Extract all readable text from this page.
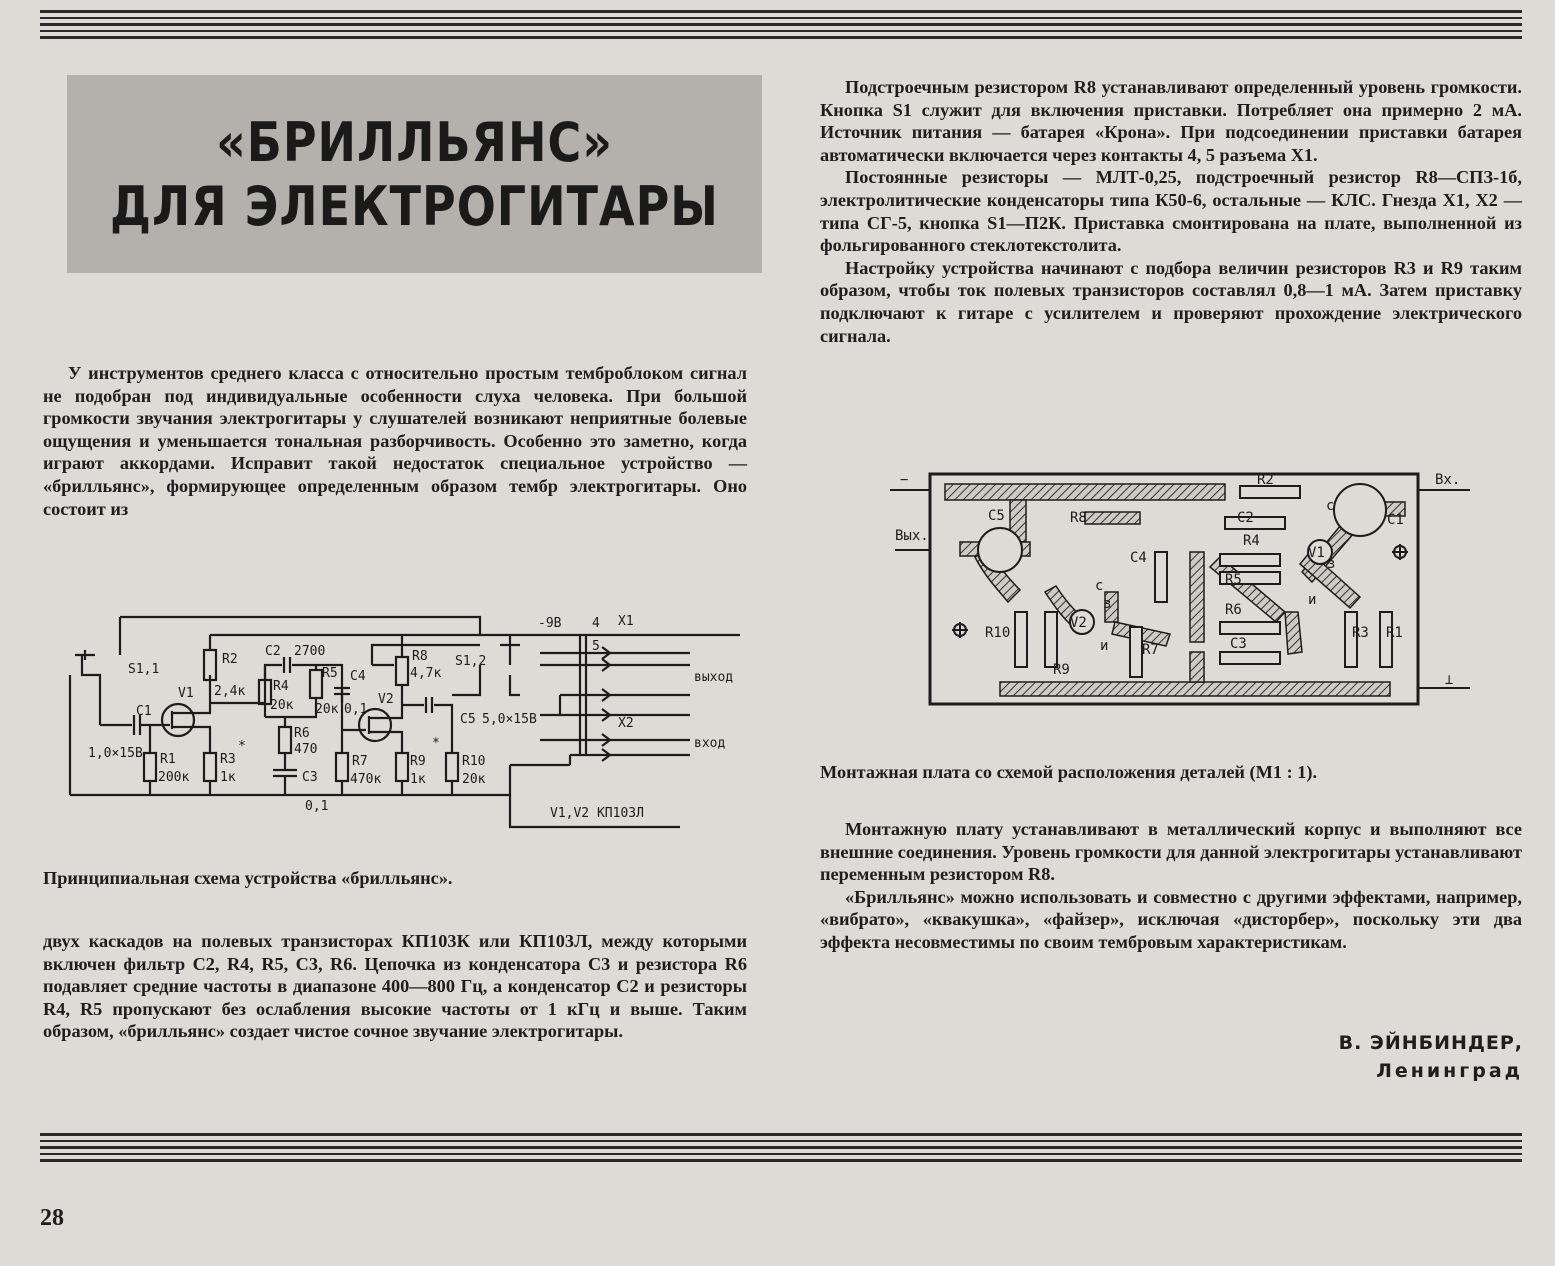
«БРИЛЛЬЯНС»
ДЛЯ ЭЛЕКТРОГИТАРЫ
У инструментов среднего класса с относительно простым темброблоком сигнал не подобран под индивидуальные особенности слуха человека. При большой громкости звучания электрогитары у слушателей возникают неприятные болевые ощущения и уменьшается тональная разборчивость. Особенно это заметно, когда играют аккордами. Исправит такой недостаток специальное устройство — «брилльянс», формирующее определенным образом тембр электрогитары. Оно состоит из
S1,1
C1
1,0×15В R1
200к
V1
R2
2,4к
R3
1к
*
C2 2700
R4
20к
R5
20к
R6
470
C3
0,1
C4
0,1
R7
470к
V2
R8
4,7к
R9
1к
*
C5 5,0×15В
R10
20к
S1,2
-9В 4
5
X1
X2
выход
вход
V1,V2 КП103Л
Принципиальная схема устройства «брилльянс».
двух каскадов на полевых транзисторах КП103К или КП103Л, между которыми включен фильтр C2, R4, R5, C3, R6. Цепочка из конденсатора C3 и резистора R6 подавляет средние частоты в диапазоне 400—800 Гц, а конденсатор C2 и резисторы R4, R5 пропускают без ослабления высокие частоты от 1 кГц и выше. Таким образом, «брилльянс» создает чистое сочное звучание электрогитары.
Подстроечным резистором R8 устанавливают определенный уровень громкости. Кнопка S1 служит для включения приставки. Потребляет она примерно 2 мА. Источник питания — батарея «Крона». При подсоединении приставки батарея автоматически включается через контакты 4, 5 разъема X1.
Постоянные резисторы — МЛТ-0,25, подстроечный резистор R8—СПЗ-1б, электролитические конденсаторы типа К50-6, остальные — КЛС. Гнезда X1, X2 — типа СГ-5, кнопка S1—П2К. Приставка смонтирована на плате, выполненной из фольгированного стеклотекстолита.
Настройку устройства начинают с подбора величин резисторов R3 и R9 таким образом, чтобы ток полевых транзисторов составлял 0,8—1 мА. Затем приставку подключают к гитаре с усилителем и проверяют прохождение электрического сигнала.
−	Вх.
Вых.
⊥
C5	C1
C2
C3
C4
R10
R9
R7
R3 R1
R2
R4
R5
R6
R8
V1
V2
с
з
и
с
з
и
Монтажная плата со схемой расположения деталей (M1 : 1).
Монтажную плату устанавливают в металлический корпус и выполняют все внешние соединения. Уровень громкости для данной электрогитары устанавливают переменным резистором R8.
«Брилльянс» можно использовать и совместно с другими эффектами, например, «вибрато», «квакушка», «файзер», исключая «дисторбер», поскольку эти два эффекта несовместимы по своим тембровым характеристикам.
В. ЭЙНБИНДЕР,
Ленинград
28
